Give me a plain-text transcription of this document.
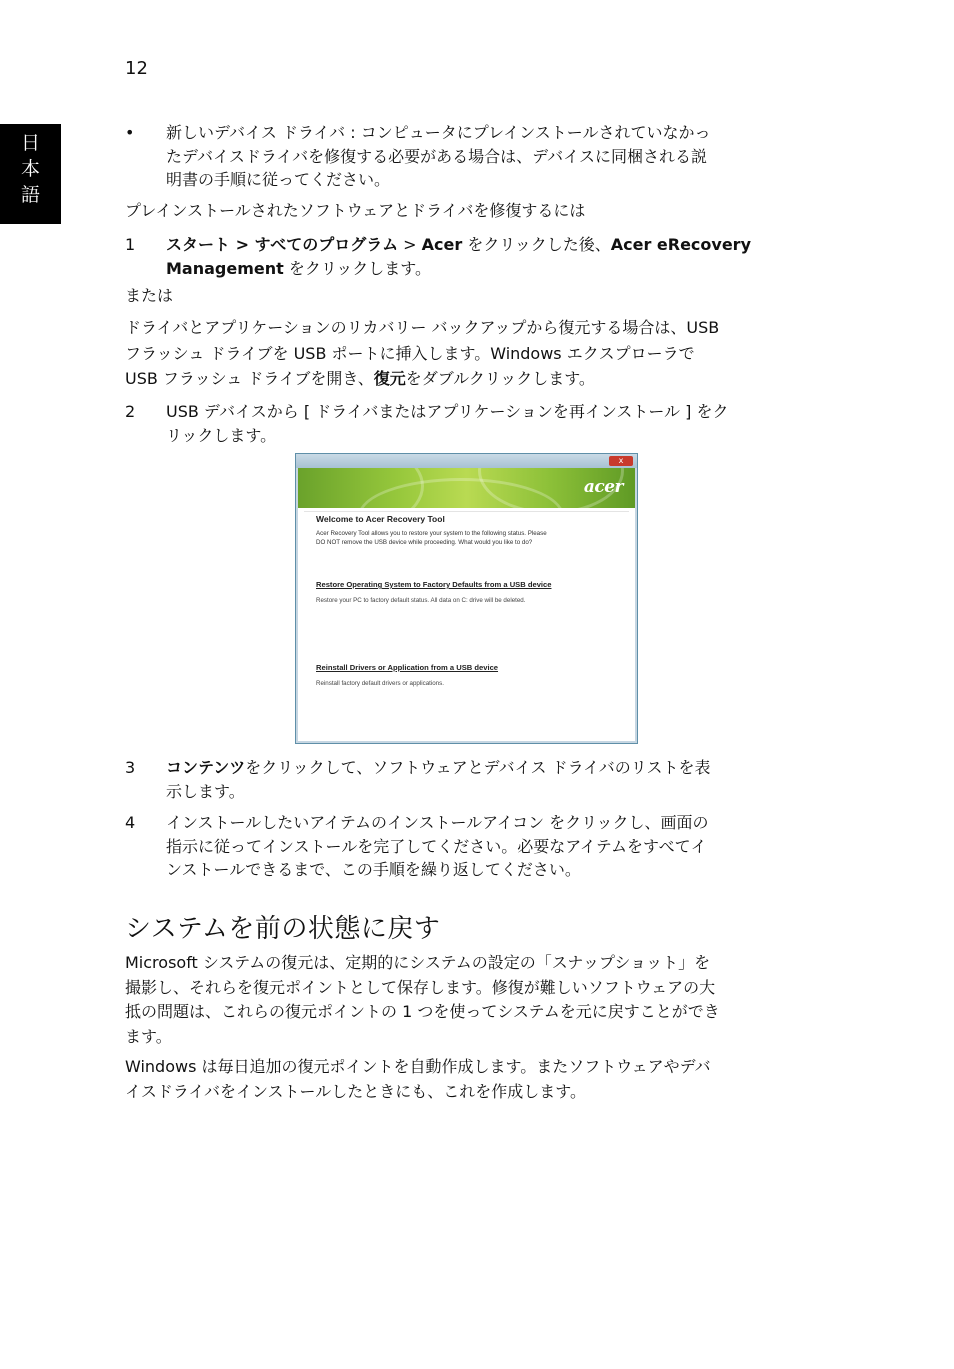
12
日
本
語
• 新しいデバイス ドライバ : コンピュータにプレインストールされていなかっ
たデバイスドライバを修復する必要がある場合は、デバイスに同梱される説
明書の手順に従ってください。
プレインストールされたソフトウェアとドライバを修復するには
1 スタート > すべてのプログラム > Acer をクリックした後、Acer eRecovery
Management をクリックします。
または
ドライバとアプリケーションのリカバリー バックアップから復元する場合は、USB
フラッシュ ドライブを USB ポートに挿入します。Windows エクスプローラで
USB フラッシュ ドライブを開き、復元をダブルクリックします。
2 USB デバイスから [ ドライバまたはアプリケーションを再インストール ] をク
リックします。
x
acer
Welcome to Acer Recovery Tool
Acer Recovery Tool allows you to restore your system to the following status. Please
DO NOT remove the USB device while proceeding. What would you like to do?
Restore Operating System to Factory Defaults from a USB device
Restore your PC to factory default status. All data on C: drive will be deleted.
Reinstall Drivers or Application from a USB device
Reinstall factory default drivers or applications.
3 コンテンツをクリックして、ソフトウェアとデバイス ドライバのリストを表
示します。
4 インストールしたいアイテムのインストールアイコン をクリックし、画面の
指示に従ってインストールを完了してください。必要なアイテムをすべてイ
ンストールできるまで、この手順を繰り返してください。
システムを前の状態に戻す
Microsoft システムの復元は、定期的にシステムの設定の「スナップショット」を
撮影し、それらを復元ポイントとして保存します。修復が難しいソフトウェアの大
抵の問題は、これらの復元ポイントの 1 つを使ってシステムを元に戻すことができ
ます。
Windows は毎日追加の復元ポイントを自動作成します。またソフトウェアやデバ
イスドライバをインストールしたときにも、これを作成します。
